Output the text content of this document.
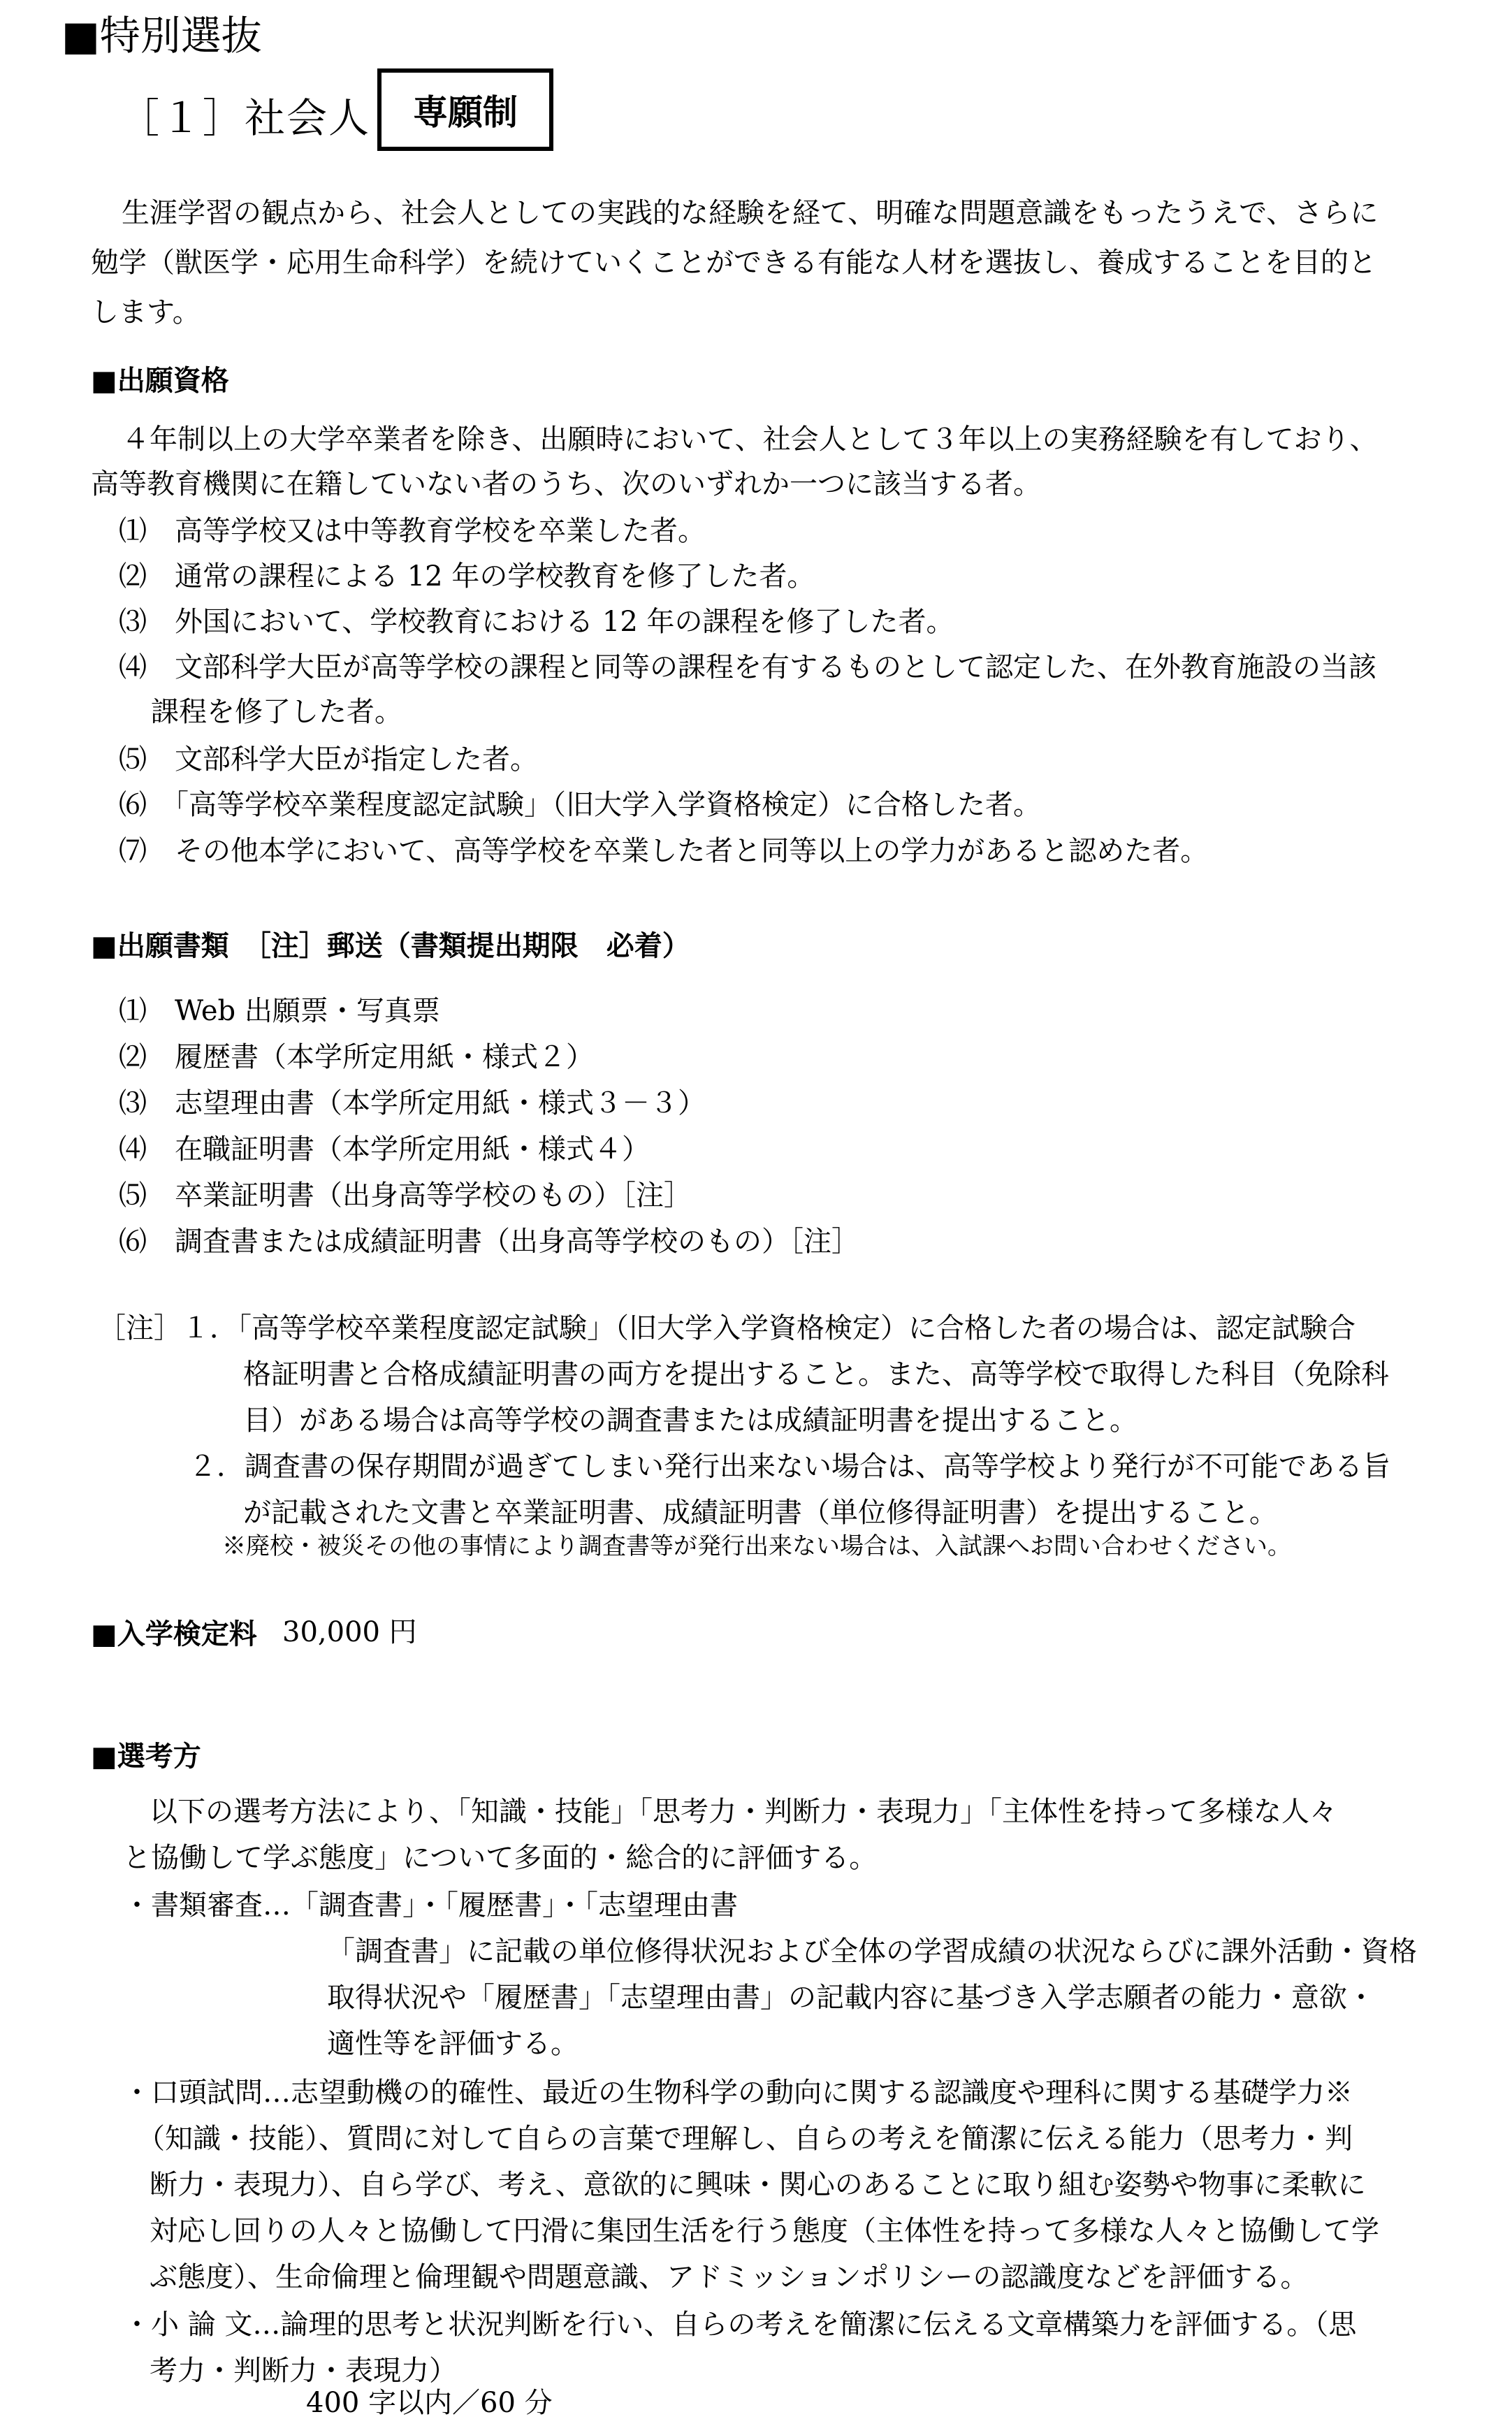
■特別選抜
［１］社会人	専願制
生涯学習の観点から、社会人としての実践的な経験を経て、明確な問題意識をもったうえで、さらに
勉学（獣医学・応用生命科学）を続けていくことができる有能な人材を選抜し、養成することを目的と
します。
■出願資格
４年制以上の大学卒業者を除き、出願時において、社会人として３年以上の実務経験を有しており、
高等教育機関に在籍していない者のうち、次のいずれか一つに該当する者。
⑴　高等学校又は中等教育学校を卒業した者。
⑵　通常の課程による 12 年の学校教育を修了した者。
⑶　外国において、学校教育における 12 年の課程を修了した者。
⑷　文部科学大臣が高等学校の課程と同等の課程を有するものとして認定した、在外教育施設の当該
課程を修了した者。
⑸　文部科学大臣が指定した者。
⑹　「高等学校卒業程度認定試験」（旧大学入学資格検定）に合格した者。
⑺　その他本学において、高等学校を卒業した者と同等以上の学力があると認めた者。
■出願書類　［注］郵送（書類提出期限　必着）
⑴　Web 出願票・写真票
⑵　履歴書（本学所定用紙・様式２）
⑶　志望理由書（本学所定用紙・様式３－３）
⑷　在職証明書（本学所定用紙・様式４）
⑸　卒業証明書（出身高等学校のもの）［注］
⑹　調査書または成績証明書（出身高等学校のもの）［注］
［注］１．「高等学校卒業程度認定試験」（旧大学入学資格検定）に合格した者の場合は、認定試験合
格証明書と合格成績証明書の両方を提出すること。また、高等学校で取得した科目（免除科
目）がある場合は高等学校の調査書または成績証明書を提出すること。
２．調査書の保存期間が過ぎてしまい発行出来ない場合は、高等学校より発行が不可能である旨
が記載された文書と卒業証明書、成績証明書（単位修得証明書）を提出すること。
※廃校・被災その他の事情により調査書等が発行出来ない場合は、入試課へお問い合わせください。
■入学検定料 30,000 円
■選考方
以下の選考方法により、「知識・技能」「思考力・判断力・表現力」「主体性を持って多様な人々
と協働して学ぶ態度」について多面的・総合的に評価する。
・書類審査…「調査書」・「履歴書」・「志望理由書
「調査書」に記載の単位修得状況および全体の学習成績の状況ならびに課外活動・資格
取得状況や「履歴書」「志望理由書」の記載内容に基づき入学志願者の能力・意欲・
適性等を評価する。
・口頭試問…志望動機の的確性、最近の生物科学の動向に関する認識度や理科に関する基礎学力※
（知識・技能）、質問に対して自らの言葉で理解し、自らの考えを簡潔に伝える能力（思考力・判
断力・表現力）、自ら学び、考え、意欲的に興味・関心のあることに取り組む姿勢や物事に柔軟に
対応し回りの人々と協働して円滑に集団生活を行う態度（主体性を持って多様な人々と協働して学
ぶ態度）、生命倫理と倫理観や問題意識、アドミッションポリシーの認識度などを評価する。
・小 論 文…論理的思考と状況判断を行い、自らの考えを簡潔に伝える文章構築力を評価する。（思
考力・判断力・表現力）
400 字以内／60 分
